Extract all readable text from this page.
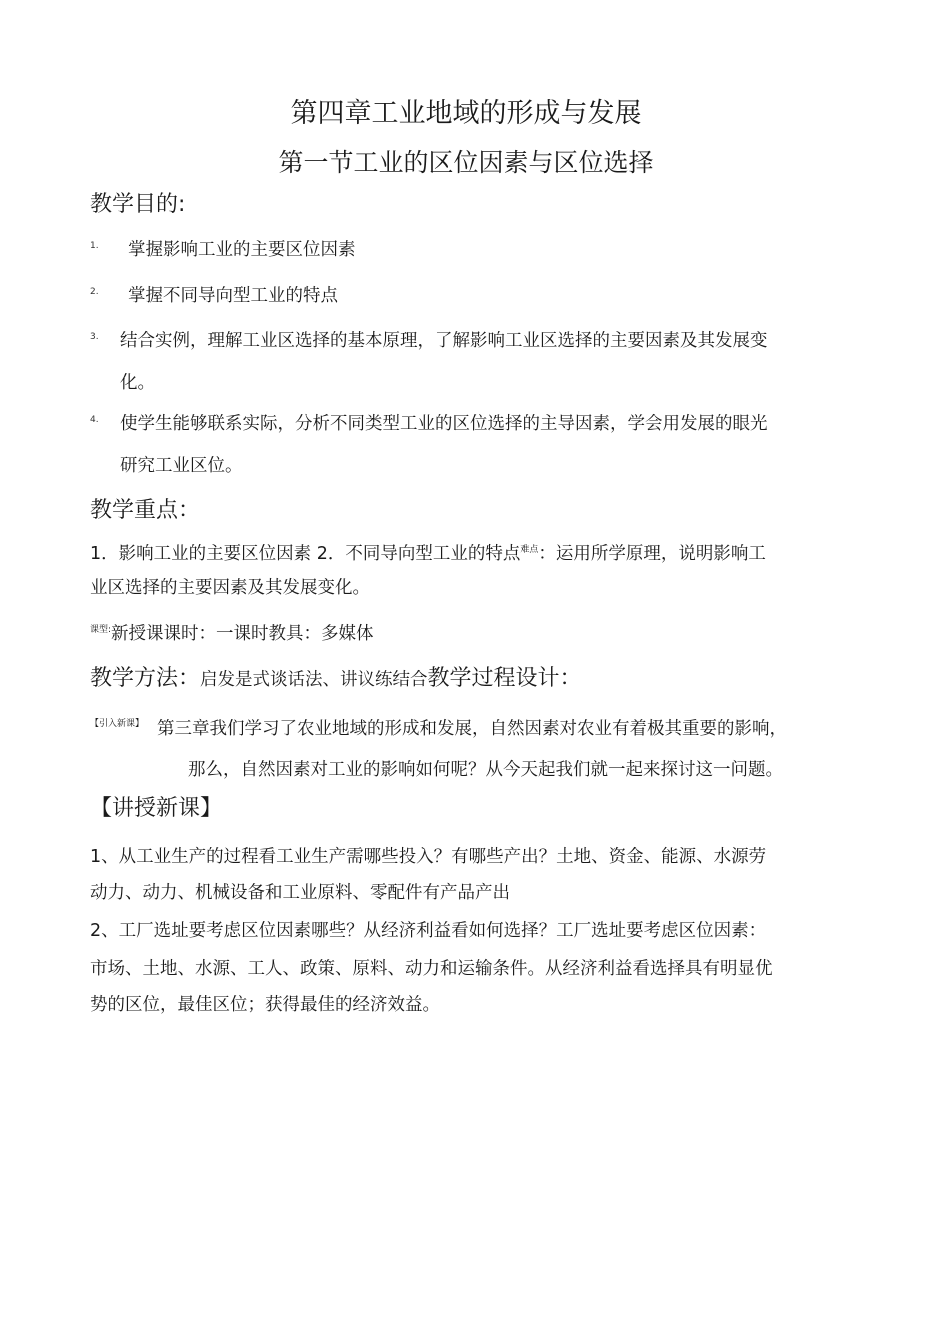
第四章工业地域的形成与发展
第一节工业的区位因素与区位选择
教学目的:
1. 掌握影响工业的主要区位因素
2. 掌握不同导向型工业的特点
3. 结合实例，理解工业区选择的基本原理，了解影响工业区选择的主要因素及其发展变
化。
4. 使学生能够联系实际，分析不同类型工业的区位选择的主导因素，学会用发展的眼光
研究工业区位。
教学重点：
1．影响工业的主要区位因素 2．不同导向型工业的特点$^{难点}$：运用所学原理，说明影响工
业区选择的主要因素及其发展变化。
$^{课型:}$新授课课时：一课时教具：多媒体
教学方法：启发是式谈话法、讲议练结合教学过程设计：
【引入新课】 第三章我们学习了农业地域的形成和发展，自然因素对农业有着极其重要的影响，
那么，自然因素对工业的影响如何呢？从今天起我们就一起来探讨这一问题。
【讲授新课】
1、从工业生产的过程看工业生产需哪些投入？有哪些产出？土地、资金、能源、水源劳
动力、动力、机械设备和工业原料、零配件有产品产出
2、工厂选址要考虑区位因素哪些？从经济利益看如何选择？工厂选址要考虑区位因素：
市场、土地、水源、工人、政策、原料、动力和运输条件。从经济利益看选择具有明显优
势的区位，最佳区位；获得最佳的经济效益。
